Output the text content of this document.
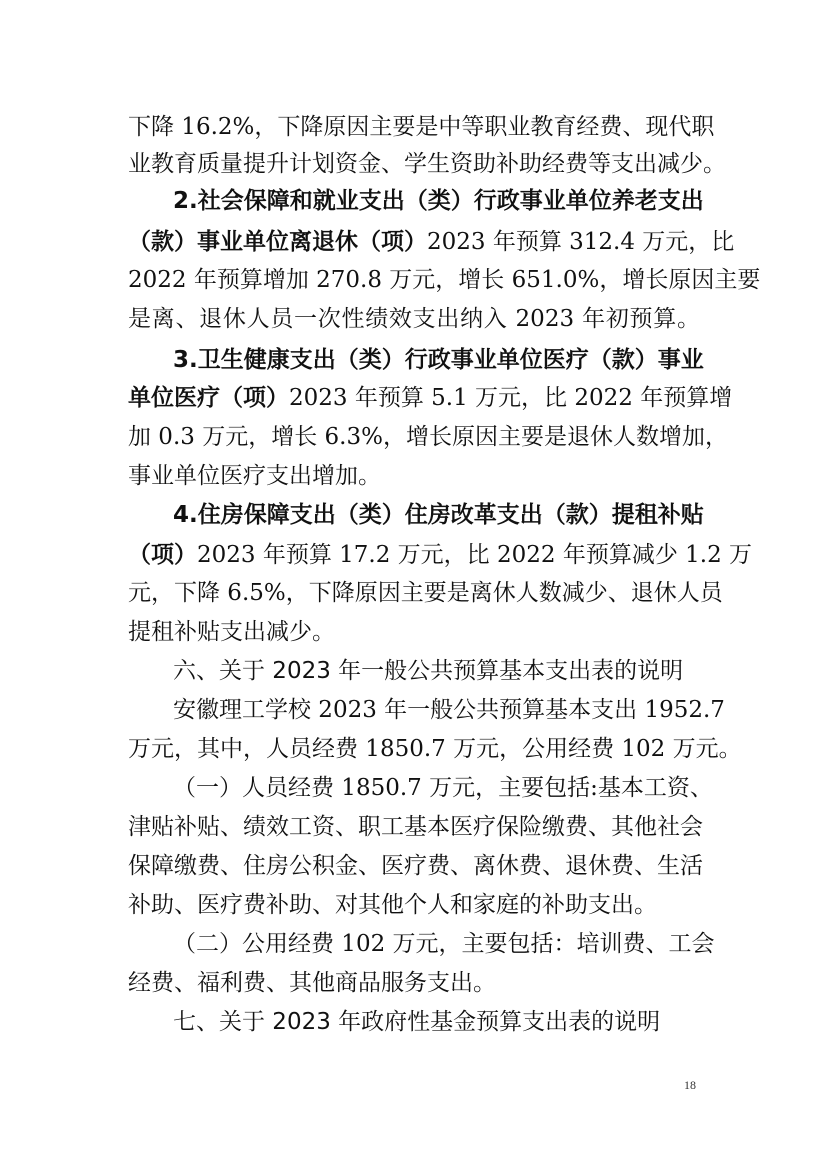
下降 16.2%，下降原因主要是中等职业教育经费、现代职
业教育质量提升计划资金、学生资助补助经费等支出减少。
2.社会保障和就业支出（类）行政事业单位养老支出
（款）事业单位离退休（项）2023 年预算 312.4 万元，比
2022 年预算增加 270.8 万元，增长 651.0%，增长原因主要
是离、退休人员一次性绩效支出纳入 2023 年初预算。
3.卫生健康支出（类）行政事业单位医疗（款）事业
单位医疗（项）2023 年预算 5.1 万元，比 2022 年预算增
加 0.3 万元，增长 6.3%，增长原因主要是退休人数增加，
事业单位医疗支出增加。
4.住房保障支出（类）住房改革支出（款）提租补贴
（项）2023 年预算 17.2 万元，比 2022 年预算减少 1.2 万
元，下降 6.5%，下降原因主要是离休人数减少、退休人员
提租补贴支出减少。
六、关于 2023 年一般公共预算基本支出表的说明
安徽理工学校 2023 年一般公共预算基本支出 1952.7
万元，其中，人员经费 1850.7 万元，公用经费 102 万元。
（一）人员经费 1850.7 万元，主要包括:基本工资、
津贴补贴、绩效工资、职工基本医疗保险缴费、其他社会
保障缴费、住房公积金、医疗费、离休费、退休费、生活
补助、医疗费补助、对其他个人和家庭的补助支出。
（二）公用经费 102 万元，主要包括：培训费、工会
经费、福利费、其他商品服务支出。
七、关于 2023 年政府性基金预算支出表的说明
18
